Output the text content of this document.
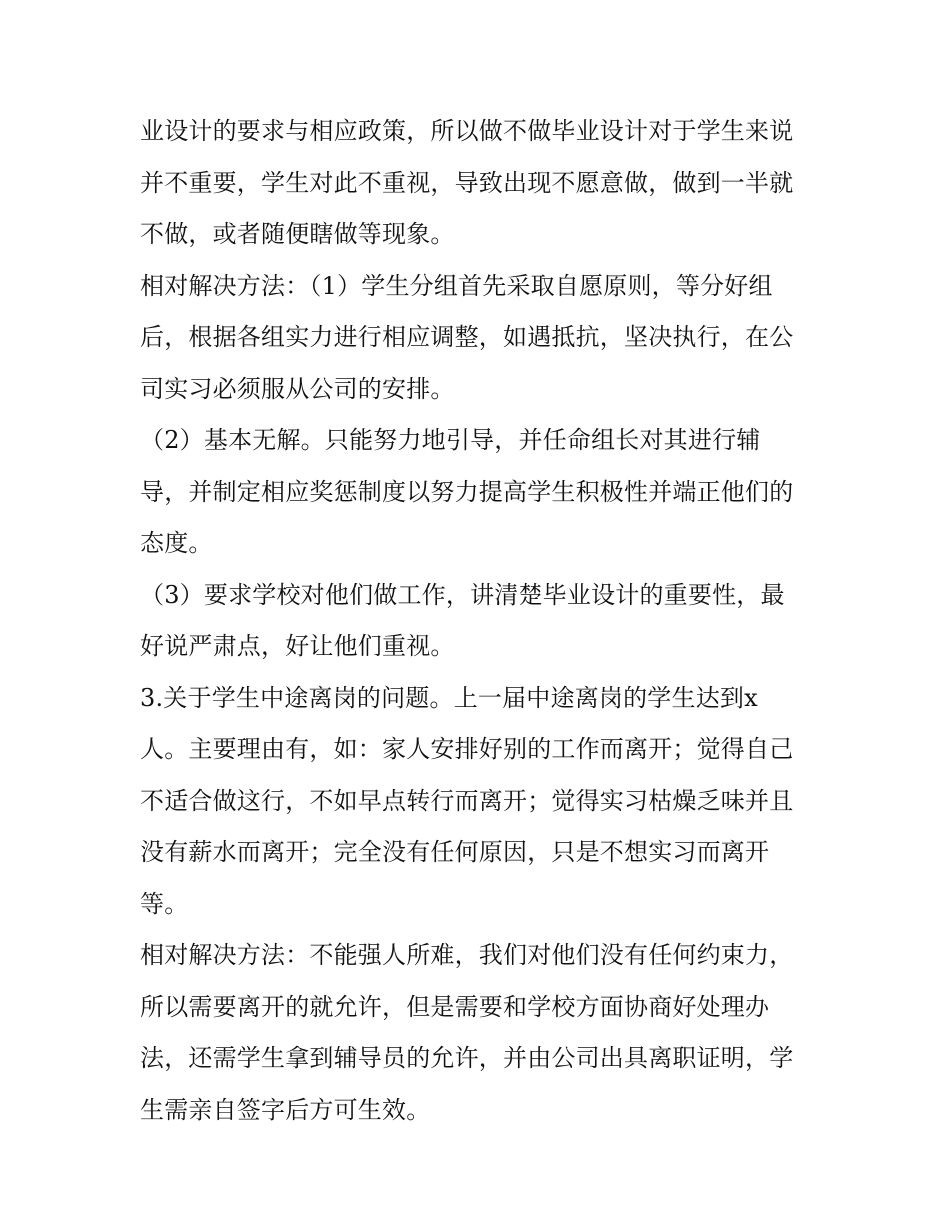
业设计的要求与相应政策，所以做不做毕业设计对于学生来说
并不重要，学生对此不重视，导致出现不愿意做，做到一半就
不做，或者随便瞎做等现象。
相对解决方法：（1）学生分组首先采取自愿原则，等分好组
后，根据各组实力进行相应调整，如遇抵抗，坚决执行，在公
司实习必须服从公司的安排。
（2）基本无解。只能努力地引导，并任命组长对其进行辅
导，并制定相应奖惩制度以努力提高学生积极性并端正他们的
态度。
（3）要求学校对他们做工作，讲清楚毕业设计的重要性，最
好说严肃点，好让他们重视。
3.关于学生中途离岗的问题。上一届中途离岗的学生达到x
人。主要理由有，如：家人安排好别的工作而离开；觉得自己
不适合做这行，不如早点转行而离开；觉得实习枯燥乏味并且
没有薪水而离开；完全没有任何原因，只是不想实习而离开
等。
相对解决方法：不能强人所难，我们对他们没有任何约束力，
所以需要离开的就允许，但是需要和学校方面协商好处理办
法，还需学生拿到辅导员的允许，并由公司出具离职证明，学
生需亲自签字后方可生效。
